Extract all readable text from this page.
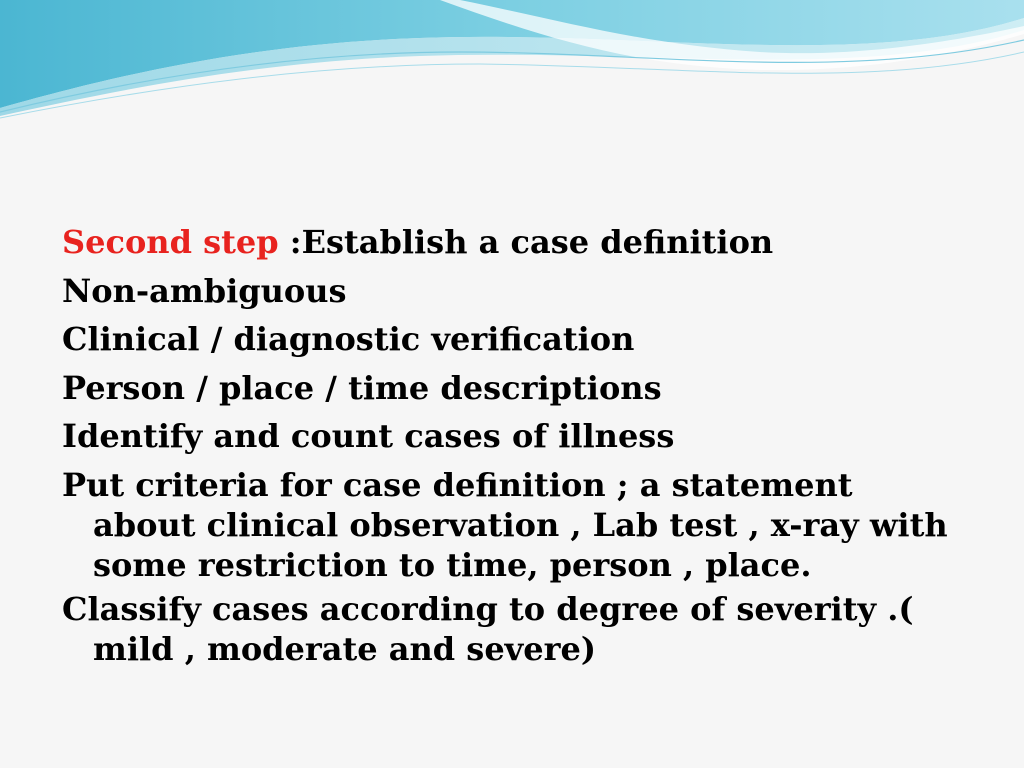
Second step :Establish a case definition

Non-ambiguous

Clinical / diagnostic verification

Person / place / time descriptions

Identify and count cases of illness

Put criteria for case definition ; a statement about clinical observation , Lab test , x-ray with some restriction to time, person , place.

Classify cases according to degree of severity .( mild , moderate and severe)
